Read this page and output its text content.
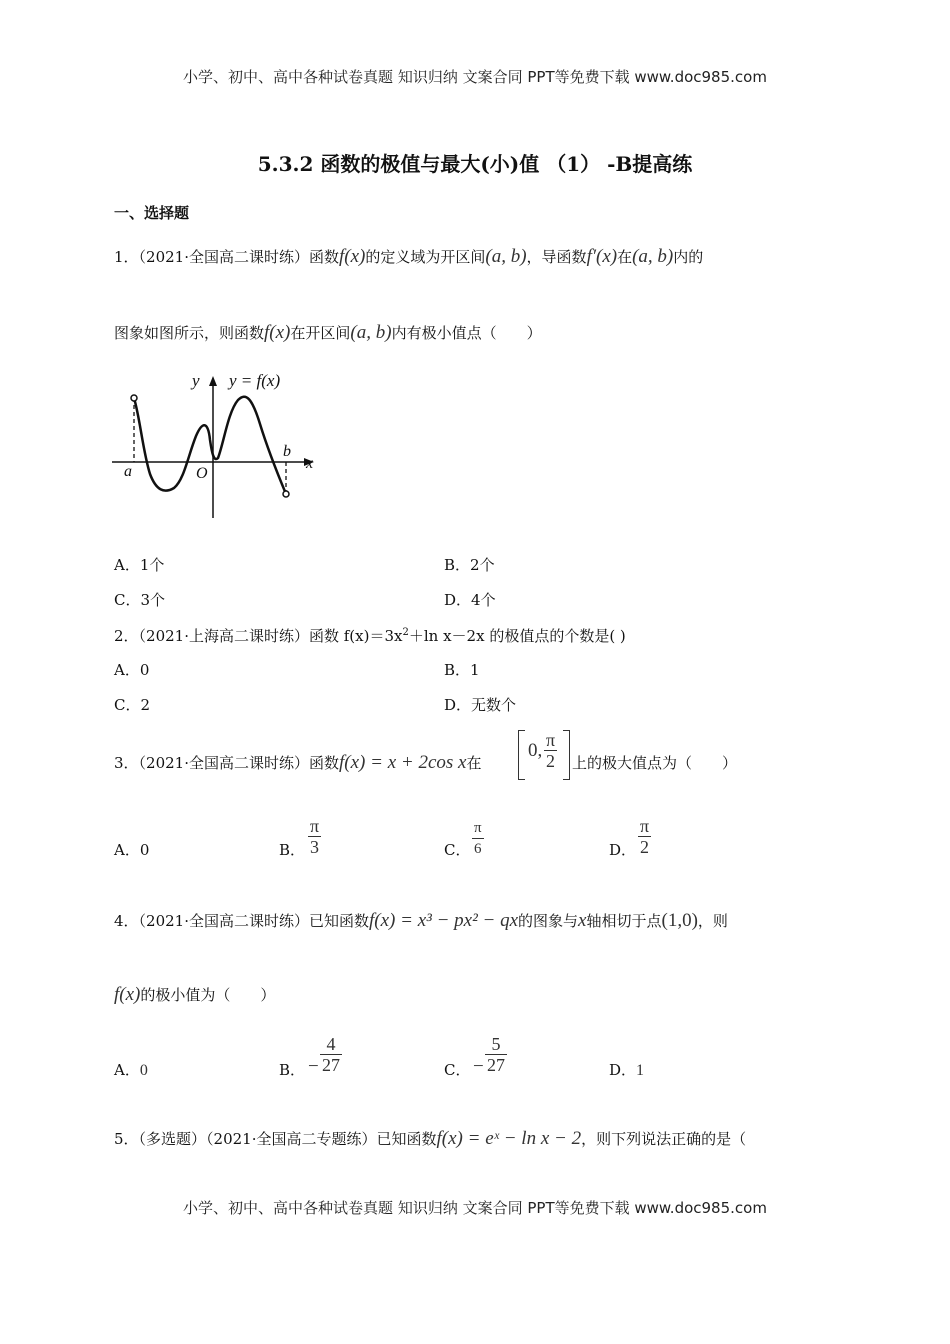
小学、初中、高中各种试卷真题 知识归纳 文案合同 PPT等免费下载 www.doc985.com
5.3.2 函数的极值与最大(小)值 （1） -B提高练
一、选择题
1．（2021·全国高二课时练）函数f(x)的定义域为开区间(a, b)，导函数f′(x)在(a, b)内的
图象如图所示，则函数f(x)在开区间(a, b)内有极小值点（　　）
y y = f(x)
x
a
b
O
A．1个	B．2个
C．3个	D．4个
2．（2021·上海高二课时练）函数 $f(x)=3x^2+\ln$ x－2x 的极值点的个数是( )
A．0	B．1
C．2	D．无数个
3．（2021·全国高二课时练）函数f(x) = x + 2cos x在
0, $\frac{\pi}{2}$ 上的极大值点为（　　）
A．0	B． $\frac{\pi}{3}$	C． $\frac{\pi}{6}$	D． $\frac{\pi}{2}$
4．（2021·全国高二课时练）已知函数f(x) = x³ − px² − qx的图象与x轴相切于点(1,0)，则
f(x)的极小值为（　　）
A．0	B． − $\frac{4}{27}$	C． − $\frac{5}{27}$	D．1
5．（多选题）（2021·全国高二专题练）已知函数f(x) = eˣ − ln x − 2，则下列说法正确的是（
小学、初中、高中各种试卷真题 知识归纳 文案合同 PPT等免费下载 www.doc985.com
